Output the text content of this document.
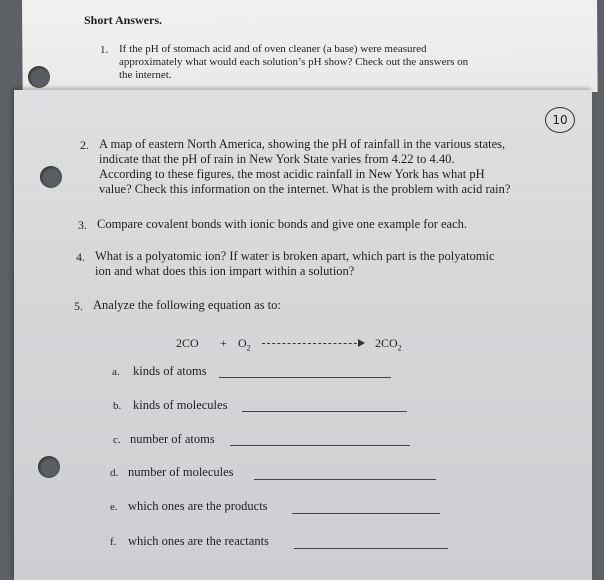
Short Answers.
1. If the pH of stomach acid and of oven cleaner (a base) were measured
approximately what would each solution’s pH show? Check out the answers on
the internet.
10
2. A map of eastern North America, showing the pH of rainfall in the various states,
indicate that the pH of rain in New York State varies from 4.22 to 4.40.
According to these figures, the most acidic rainfall in New York has what pH
value? Check this information on the internet. What is the problem with acid rain?
3. Compare covalent bonds with ionic bonds and give one example for each.
4. What is a polyatomic ion? If water is broken apart, which part is the polyatomic
ion and what does this ion impart within a solution?
5. Analyze the following equation as to:
$2CO + O_2$	$2CO_2$
a. kinds of atoms
b. kinds of molecules
c. number of atoms
d. number of molecules
e. which ones are the products
f. which ones are the reactants
